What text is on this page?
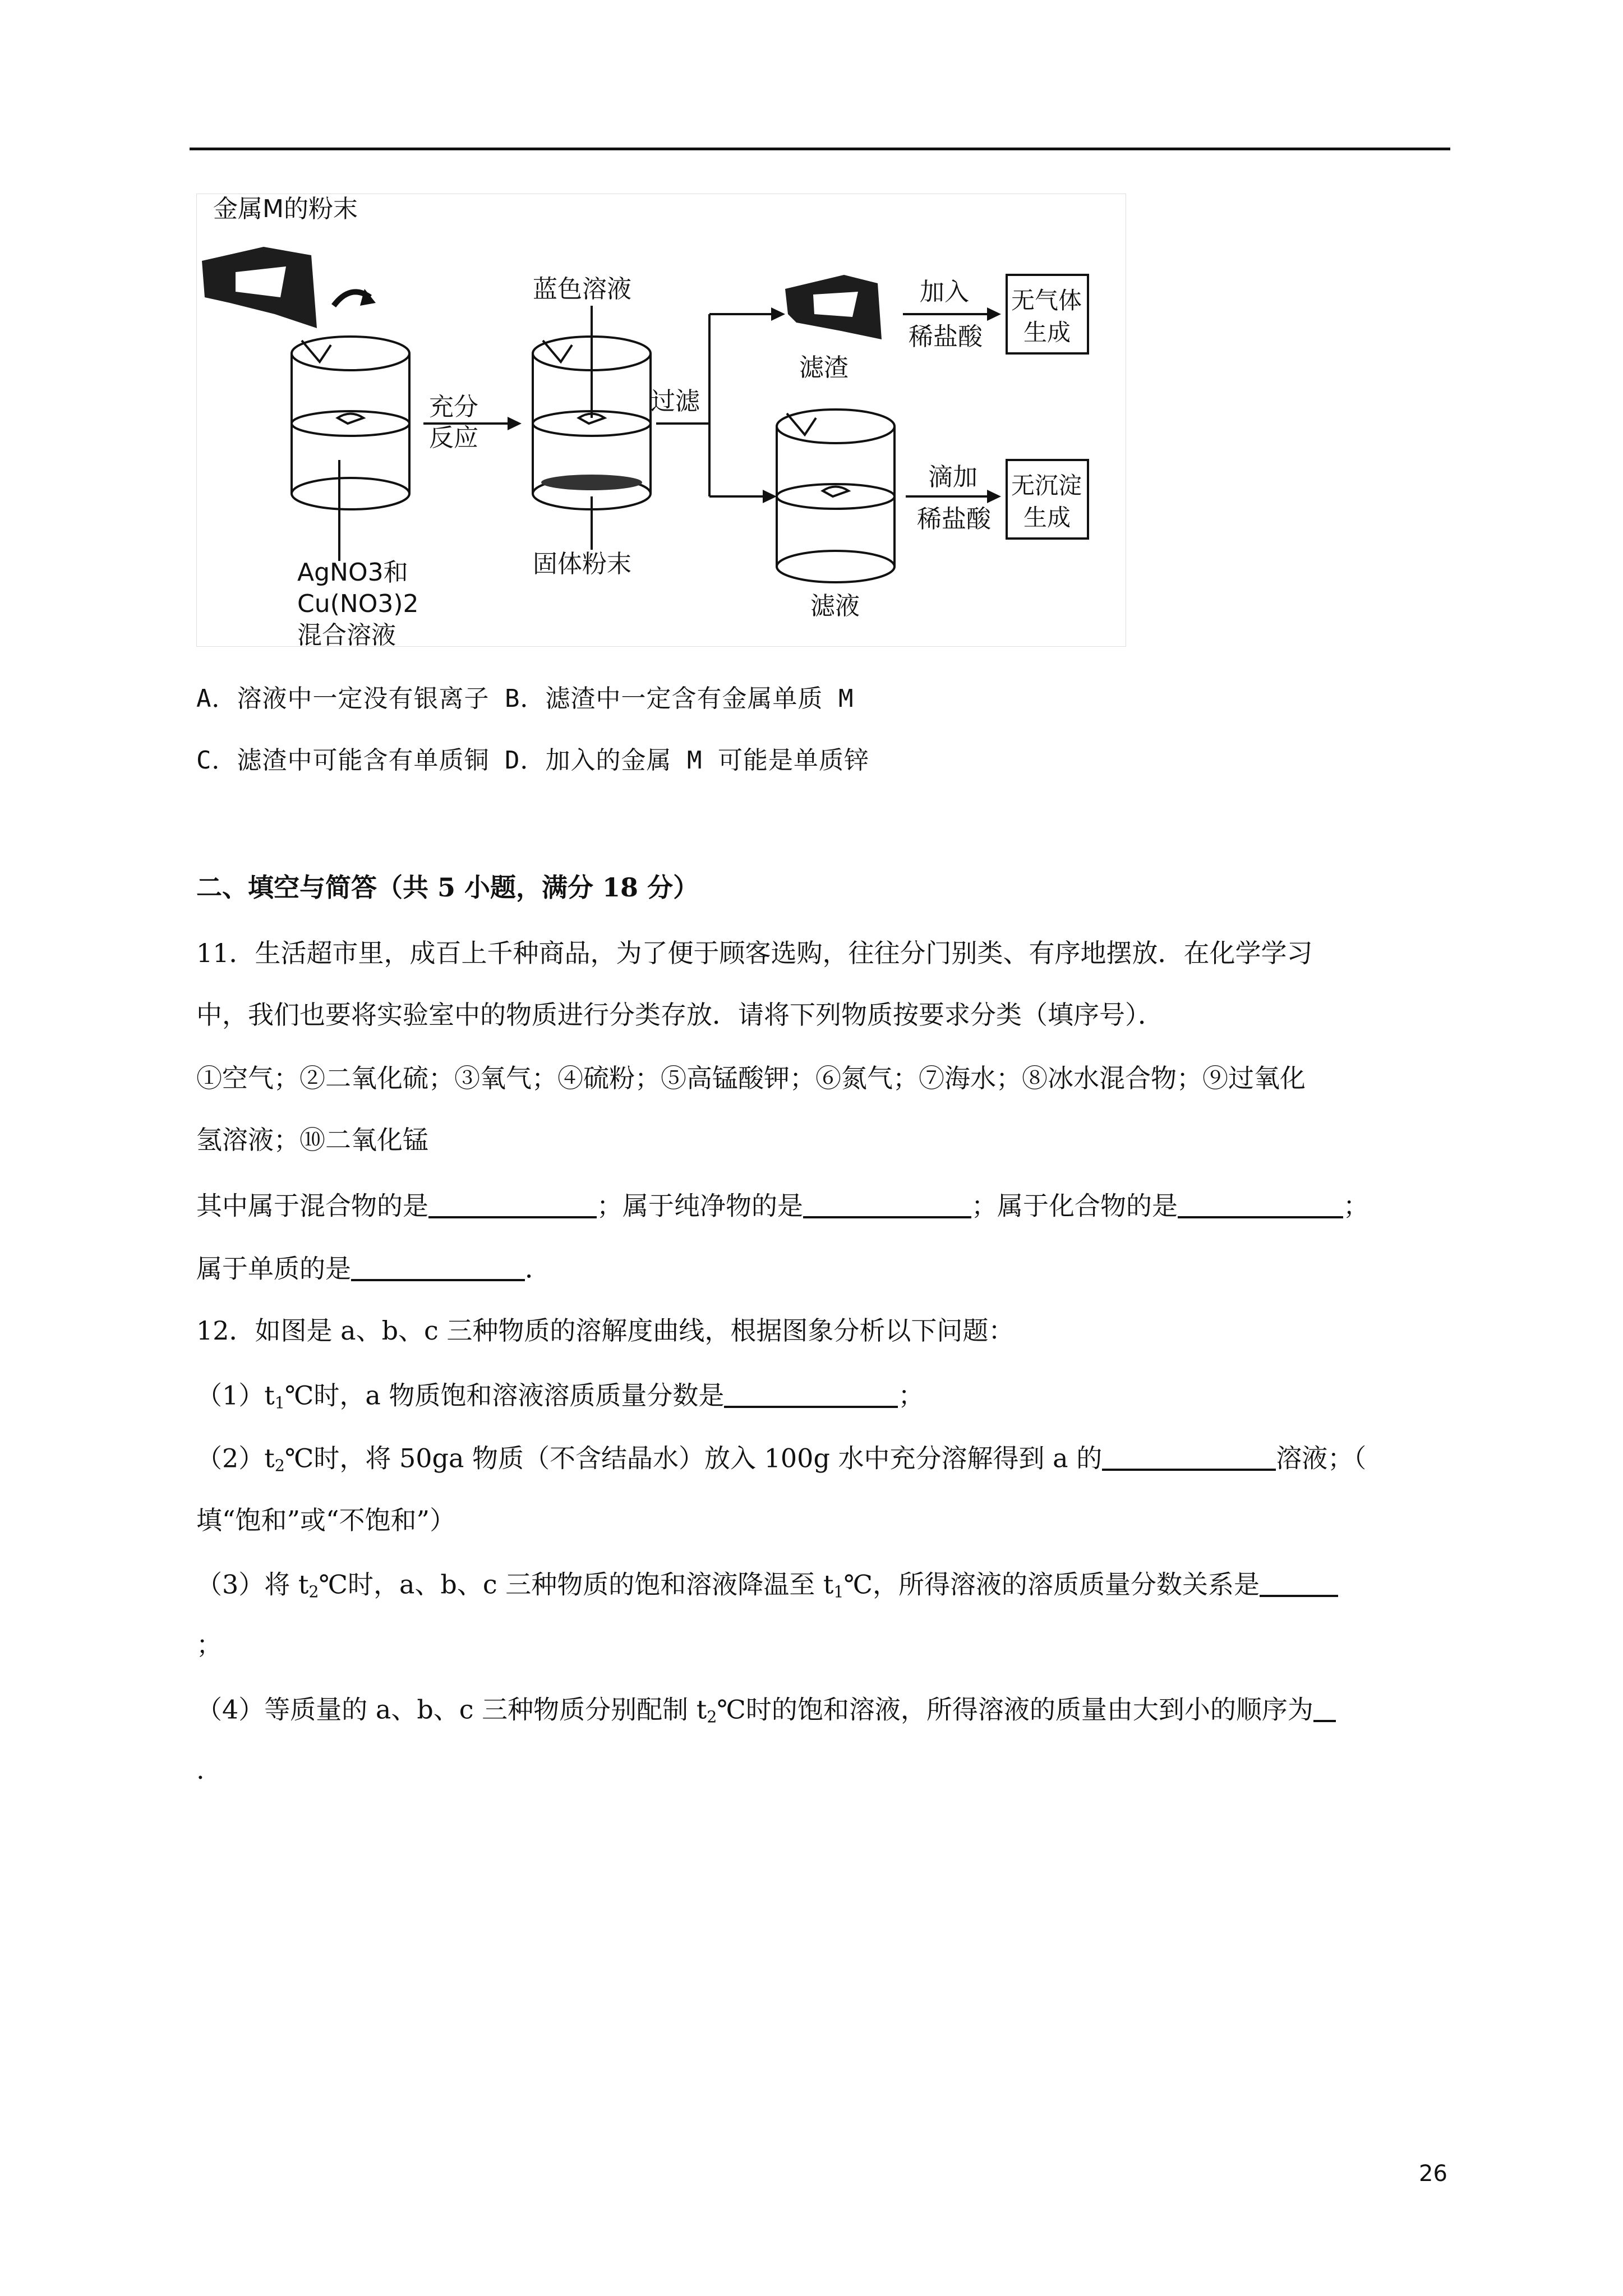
金属M的粉末
AgNO3和
Cu(NO3)2
混合溶液
充分
反应
蓝色溶液
固体粉末
过滤
滤渣
加入
稀盐酸
无气体
生成
滤液
滴加
稀盐酸
无沉淀
生成
A．溶液中一定没有银离子 B．滤渣中一定含有金属单质 M
C．滤渣中可能含有单质铜 D．加入的金属 M 可能是单质锌
二、填空与简答（共 5 小题，满分 18 分）
11．生活超市里，成百上千种商品，为了便于顾客选购，往往分门别类、有序地摆放．在化学学习
中，我们也要将实验室中的物质进行分类存放．请将下列物质按要求分类（填序号）．
①空气；②二氧化硫；③氧气；④硫粉；⑤高锰酸钾；⑥氮气；⑦海水；⑧冰水混合物；⑨过氧化
氢溶液；⑩二氧化锰
其中属于混合物的是	；属于纯净物的是	；属于化合物的是	；
属于单质的是	．
12．如图是 a、b、c 三种物质的溶解度曲线，根据图象分析以下问题：
$(1)t_1℃$时，a 物质饱和溶液溶质质量分数是	；
$(2)t_2℃$时，将 50ga 物质（不含结晶水）放入 100g 水中充分溶解得到 a 的	溶液；（
填“饱和”或“不饱和”）
（3）将 $t_2℃$时，a、b、c 三种物质的饱和溶液降温至 $t_1℃$，所得溶液的溶质质量分数关系是
；
（4）等质量的 a、b、c 三种物质分别配制 $t_2℃$时的饱和溶液，所得溶液的质量由大到小的顺序为
.
26
